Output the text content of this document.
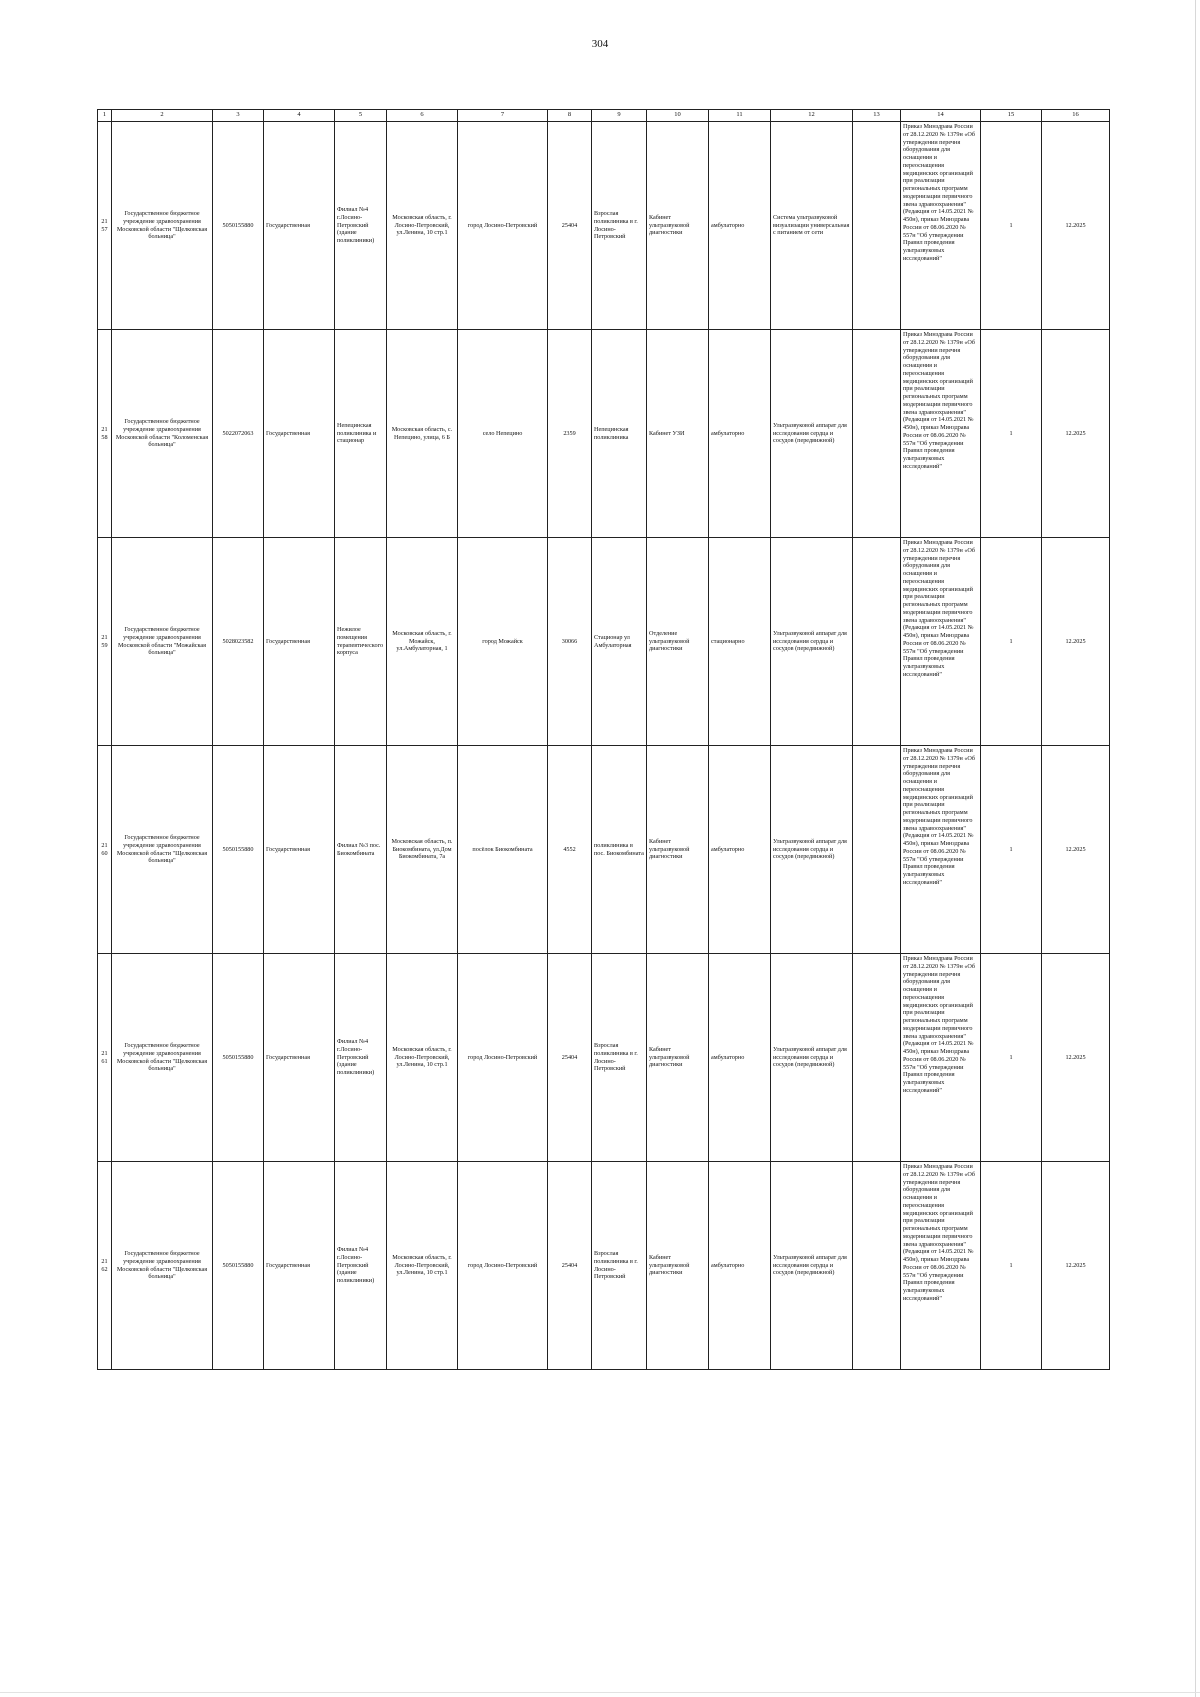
304
1	2	3	4	5	6	7	8	9	10	11	12	13	14	15	16
2157	Государственное бюджетное учреждение здравоохранения Московской области "Щелковская больница"	5050155880	Государственная	Филиал №4 г.Лосино-Петровский (здание поликлиники)	Московская область, г. Лосино-Петровский, ул.Ленина, 10 стр.1	город Лосино-Петровский	25404	Взрослая поликлиника в г. Лосино-Петровский	Кабинет ультразвуковой диагностики	амбулаторно	Система ультразвуковой визуализации универсальная с питанием от сети		Приказ Минздрава России от 28.12.2020 № 1379н «Об утверждении перечня оборудования для оснащения и переоснащения медицинских организаций при реализации региональных программ модернизации первичного звена здравоохранения"(Редакция от 14.05.2021 № 450н), приказ Минздрава России от 08.06.2020 № 557н "Об утверждении Правил проведения ультразвуковых исследований"	1	12.2025
2158	Государственное бюджетное учреждение здравоохранения Московской области "Коломенская больница"	5022072063	Государственная	Непецинская поликлиника и стационар	Московская область, с. Непецино, улица, 6 Б	село Непецино	2359	Непецинская поликлиника	Кабинет УЗИ	амбулаторно	Ультразвуковой аппарат для исследования сердца и сосудов (передвижной)		Приказ Минздрава России от 28.12.2020 № 1379н «Об утверждении перечня оборудования для оснащения и переоснащения медицинских организаций при реализации региональных программ модернизации первичного звена здравоохранения"(Редакция от 14.05.2021 № 450н), приказ Минздрава России от 08.06.2020 № 557н "Об утверждении Правил проведения ультразвуковых исследований"	1	12.2025
2159	Государственное бюджетное учреждение здравоохранения Московской области "Можайская больница"	5028023582	Государственная	Нежилое помещения терапевтического корпуса	Московская область, г. Можайск, ул.Амбулаторная, 1	город Можайск	30066	Стационар ул Амбулаторная	Отделение ультразвуковой диагностики	стационарно	Ультразвуковой аппарат для исследования сердца и сосудов (передвижной)		Приказ Минздрава России от 28.12.2020 № 1379н «Об утверждении перечня оборудования для оснащения и переоснащения медицинских организаций при реализации региональных программ модернизации первичного звена здравоохранения"(Редакция от 14.05.2021 № 450н), приказ Минздрава России от 08.06.2020 № 557н "Об утверждении Правил проведения ультразвуковых исследований"	1	12.2025
2160	Государственное бюджетное учреждение здравоохранения Московской области "Щелковская больница"	5050155880	Государственная	Филиал №3 пос. Биокомбината	Московская область, п. Биокомбината, ул.Дом Биокомбината, 7а	посёлок Биокомбината	4552	поликлиника в пос. Биокомбината	Кабинет ультразвуковой диагностики	амбулаторно	Ультразвуковой аппарат для исследования сердца и сосудов (передвижной)		Приказ Минздрава России от 28.12.2020 № 1379н «Об утверждении перечня оборудования для оснащения и переоснащения медицинских организаций при реализации региональных программ модернизации первичного звена здравоохранения"(Редакция от 14.05.2021 № 450н), приказ Минздрава России от 08.06.2020 № 557н "Об утверждении Правил проведения ультразвуковых исследований"	1	12.2025
2161	Государственное бюджетное учреждение здравоохранения Московской области "Щелковская больница"	5050155880	Государственная	Филиал №4 г.Лосино-Петровский (здание поликлиники)	Московская область, г. Лосино-Петровский, ул.Ленина, 10 стр.1	город Лосино-Петровский	25404	Взрослая поликлиника в г. Лосино-Петровский	Кабинет ультразвуковой диагностики	амбулаторно	Ультразвуковой аппарат для исследования сердца и сосудов (передвижной)		Приказ Минздрава России от 28.12.2020 № 1379н «Об утверждении перечня оборудования для оснащения и переоснащения медицинских организаций при реализации региональных программ модернизации первичного звена здравоохранения"(Редакция от 14.05.2021 № 450н), приказ Минздрава России от 08.06.2020 № 557н "Об утверждении Правил проведения ультразвуковых исследований"	1	12.2025
2162	Государственное бюджетное учреждение здравоохранения Московской области "Щелковская больница"	5050155880	Государственная	Филиал №4 г.Лосино-Петровский (здание поликлиники)	Московская область, г. Лосино-Петровский, ул.Ленина, 10 стр.1	город Лосино-Петровский	25404	Взрослая поликлиника в г. Лосино-Петровский	Кабинет ультразвуковой диагностики	амбулаторно	Ультразвуковой аппарат для исследования сердца и сосудов (передвижной)		Приказ Минздрава России от 28.12.2020 № 1379н «Об утверждении перечня оборудования для оснащения и переоснащения медицинских организаций при реализации региональных программ модернизации первичного звена здравоохранения"(Редакция от 14.05.2021 № 450н), приказ Минздрава России от 08.06.2020 № 557н "Об утверждении Правил проведения ультразвуковых исследований"	1	12.2025
